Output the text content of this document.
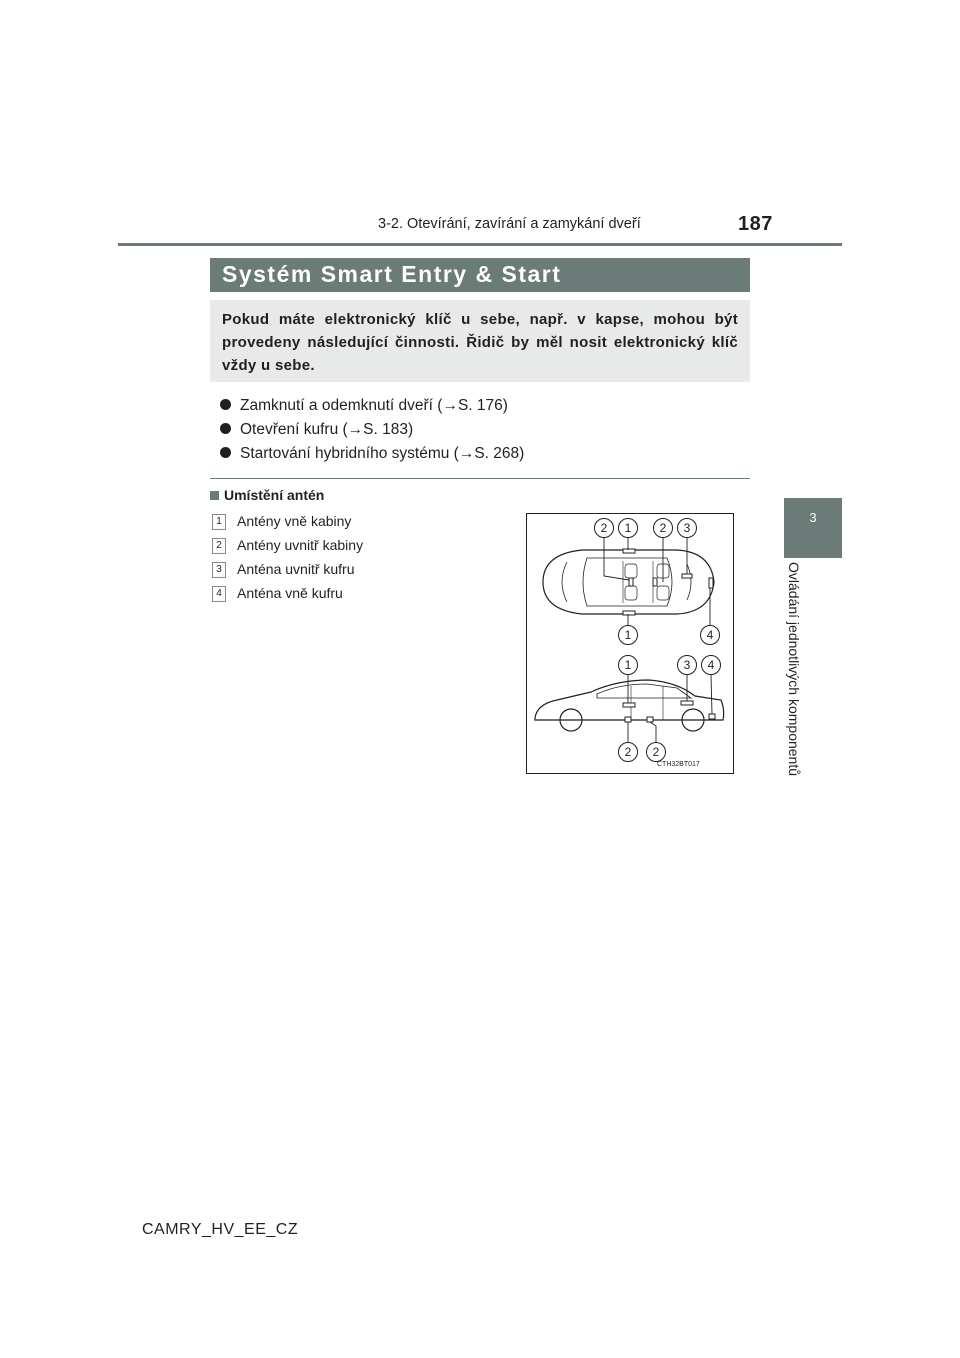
3-2. Otevírání, zavírání a zamykání dveří	187
3
Ovládání jednotlivých komponentů
Systém Smart Entry & Start
Pokud máte elektronický klíč u sebe, např. v kapse, mohou být provedeny následující činnosti. Řidič by měl nosit elektronický klíč vždy u sebe.
Zamknutí a odemknutí dveří (→S. 176)
Otevření kufru (→S. 183)
Startování hybridního systému (→S. 268)
Umístění antén
1 Antény vně kabiny
2 Antény uvnitř kabiny
3 Anténa uvnitř kufru
4 Anténa vně kufru
2	1	2	3
1	4
1	3	4
2	2
CTH32BT017
CAMRY_HV_EE_CZ
